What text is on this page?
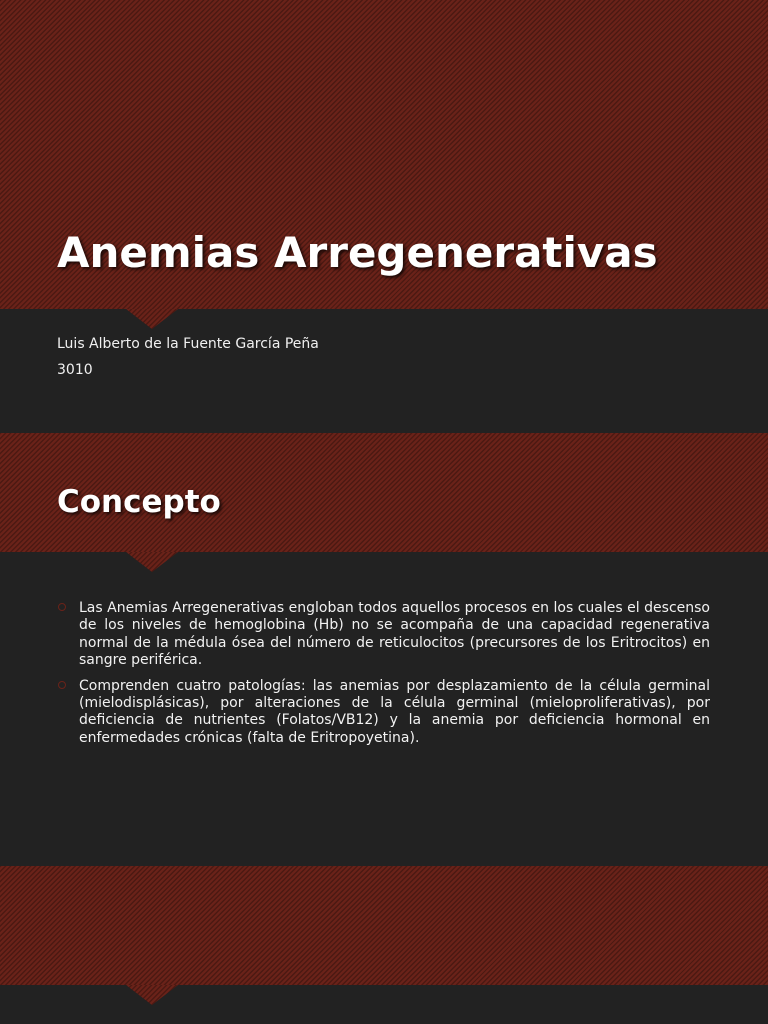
Anemias Arregenerativas
Luis Alberto de la Fuente García Peña
3010
Concepto
Las Anemias Arregenerativas engloban todos aquellos procesos en los cuales el descenso de los niveles de hemoglobina (Hb) no se acompaña de una capacidad regenerativa normal de la médula ósea del número de reticulocitos (precursores de los Eritrocitos) en sangre periférica.
Comprenden cuatro patologías: las anemias por desplazamiento de la célula germinal (mielodisplásicas), por alteraciones de la célula germinal (mieloproliferativas), por deficiencia de nutrientes (Folatos/VB12) y la anemia por deficiencia hormonal en enfermedades crónicas (falta de Eritropoyetina).
